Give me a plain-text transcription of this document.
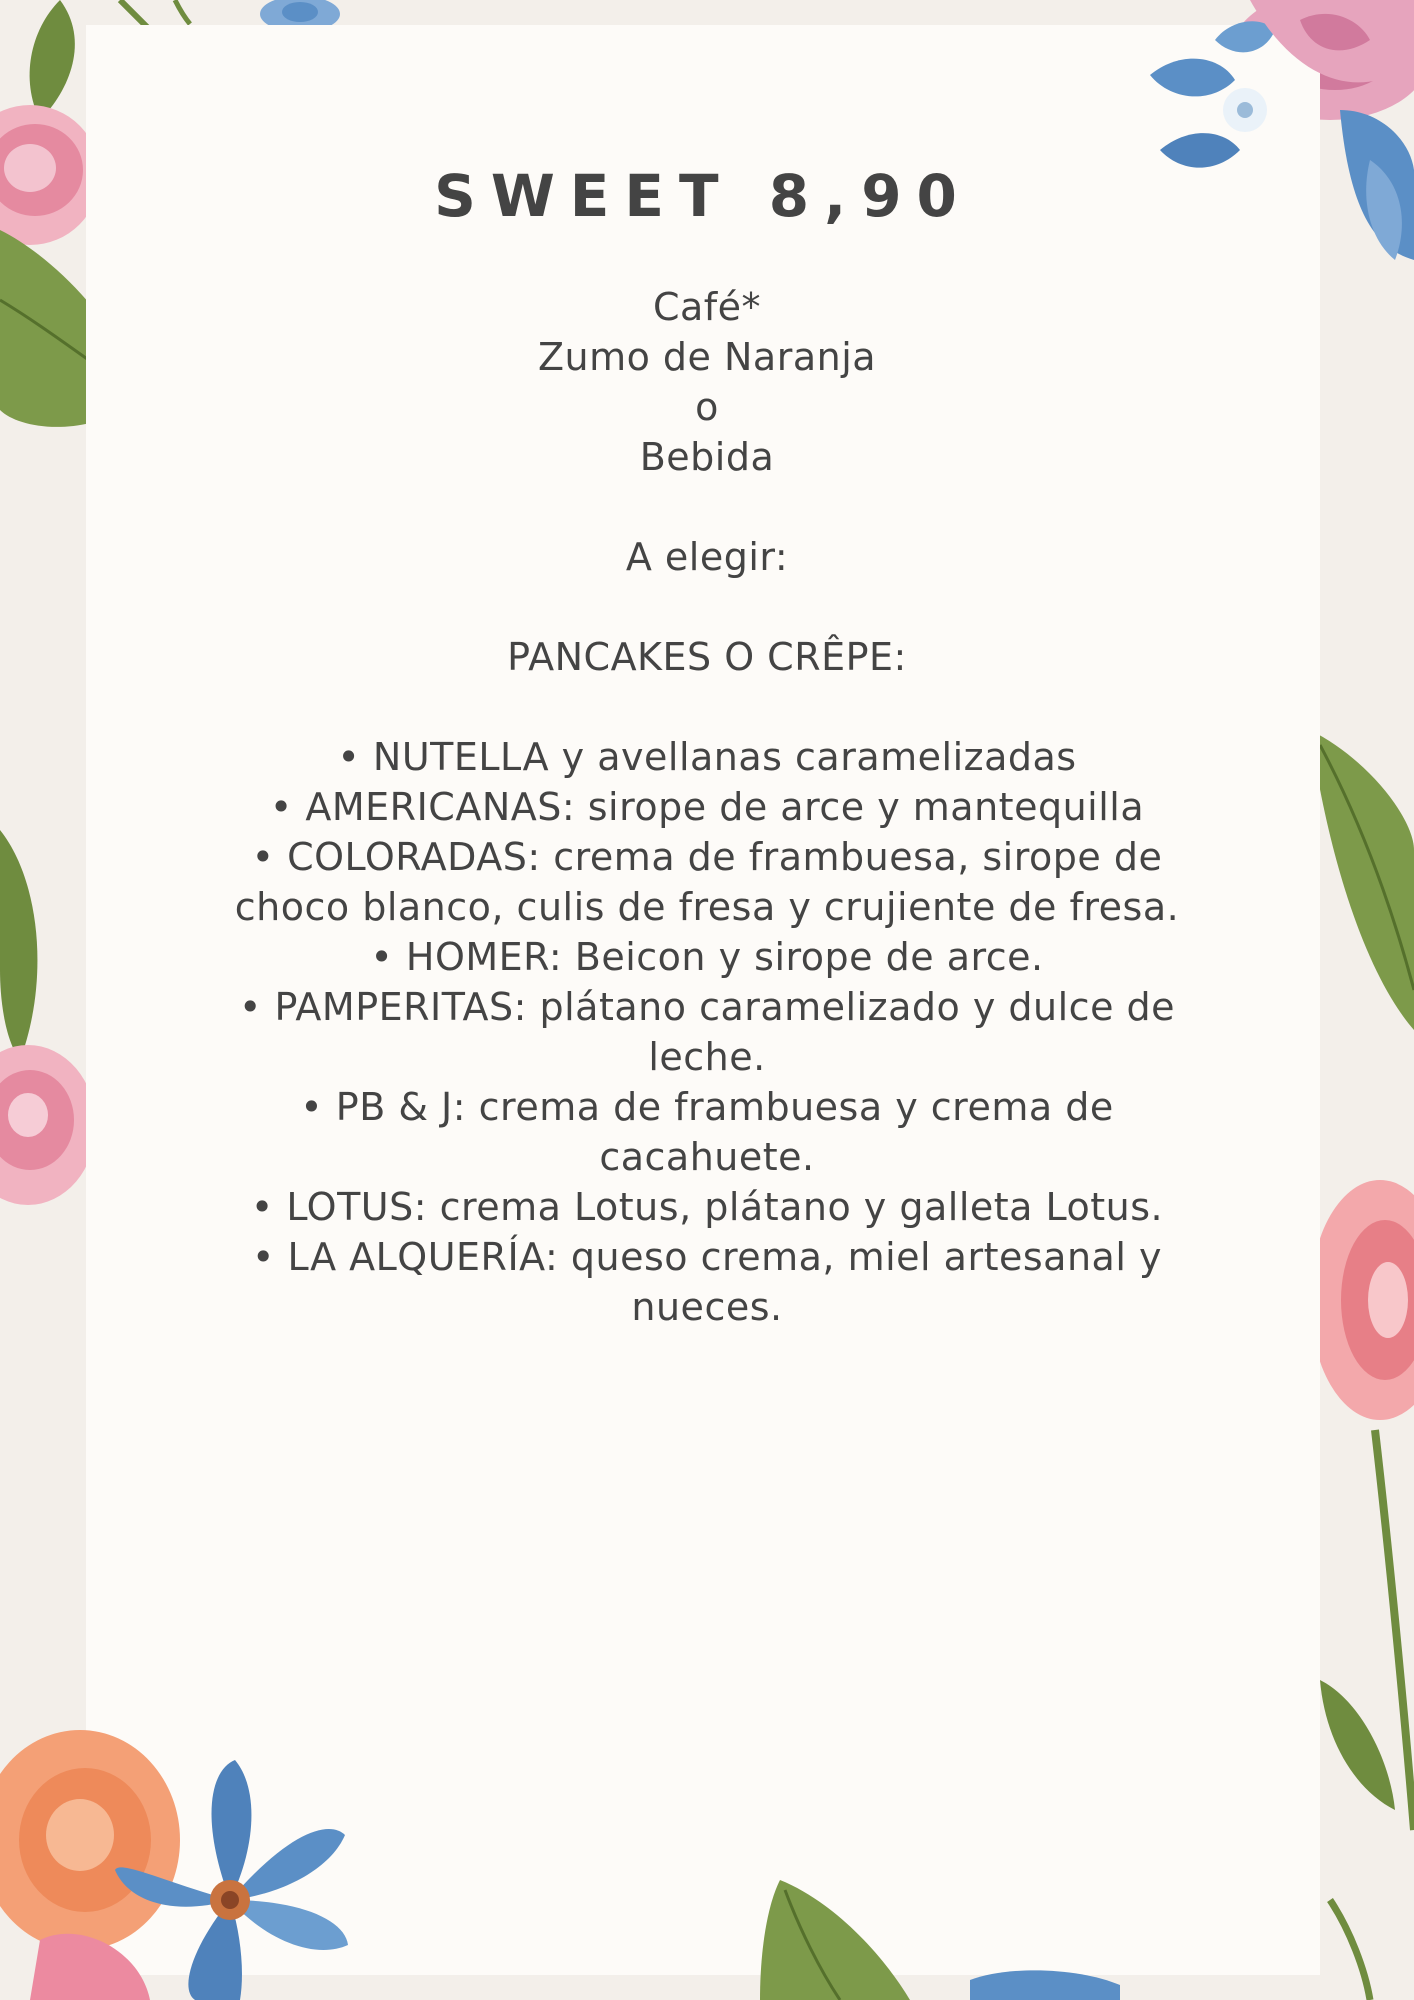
SWEET 8,90
Café*
Zumo de Naranja
o
Bebida
A elegir:
PANCAKES O CRÊPE:
• NUTELLA y avellanas caramelizadas
• AMERICANAS: sirope de arce y mantequilla
• COLORADAS: crema de frambuesa, sirope de choco blanco, culis de fresa y crujiente de fresa.
• HOMER: Beicon y sirope de arce.
• PAMPERITAS: plátano caramelizado y dulce de leche.
• PB & J: crema de frambuesa y crema de cacahuete.
• LOTUS: crema Lotus, plátano y galleta Lotus.
• LA ALQUERÍA: queso crema, miel artesanal y nueces.
